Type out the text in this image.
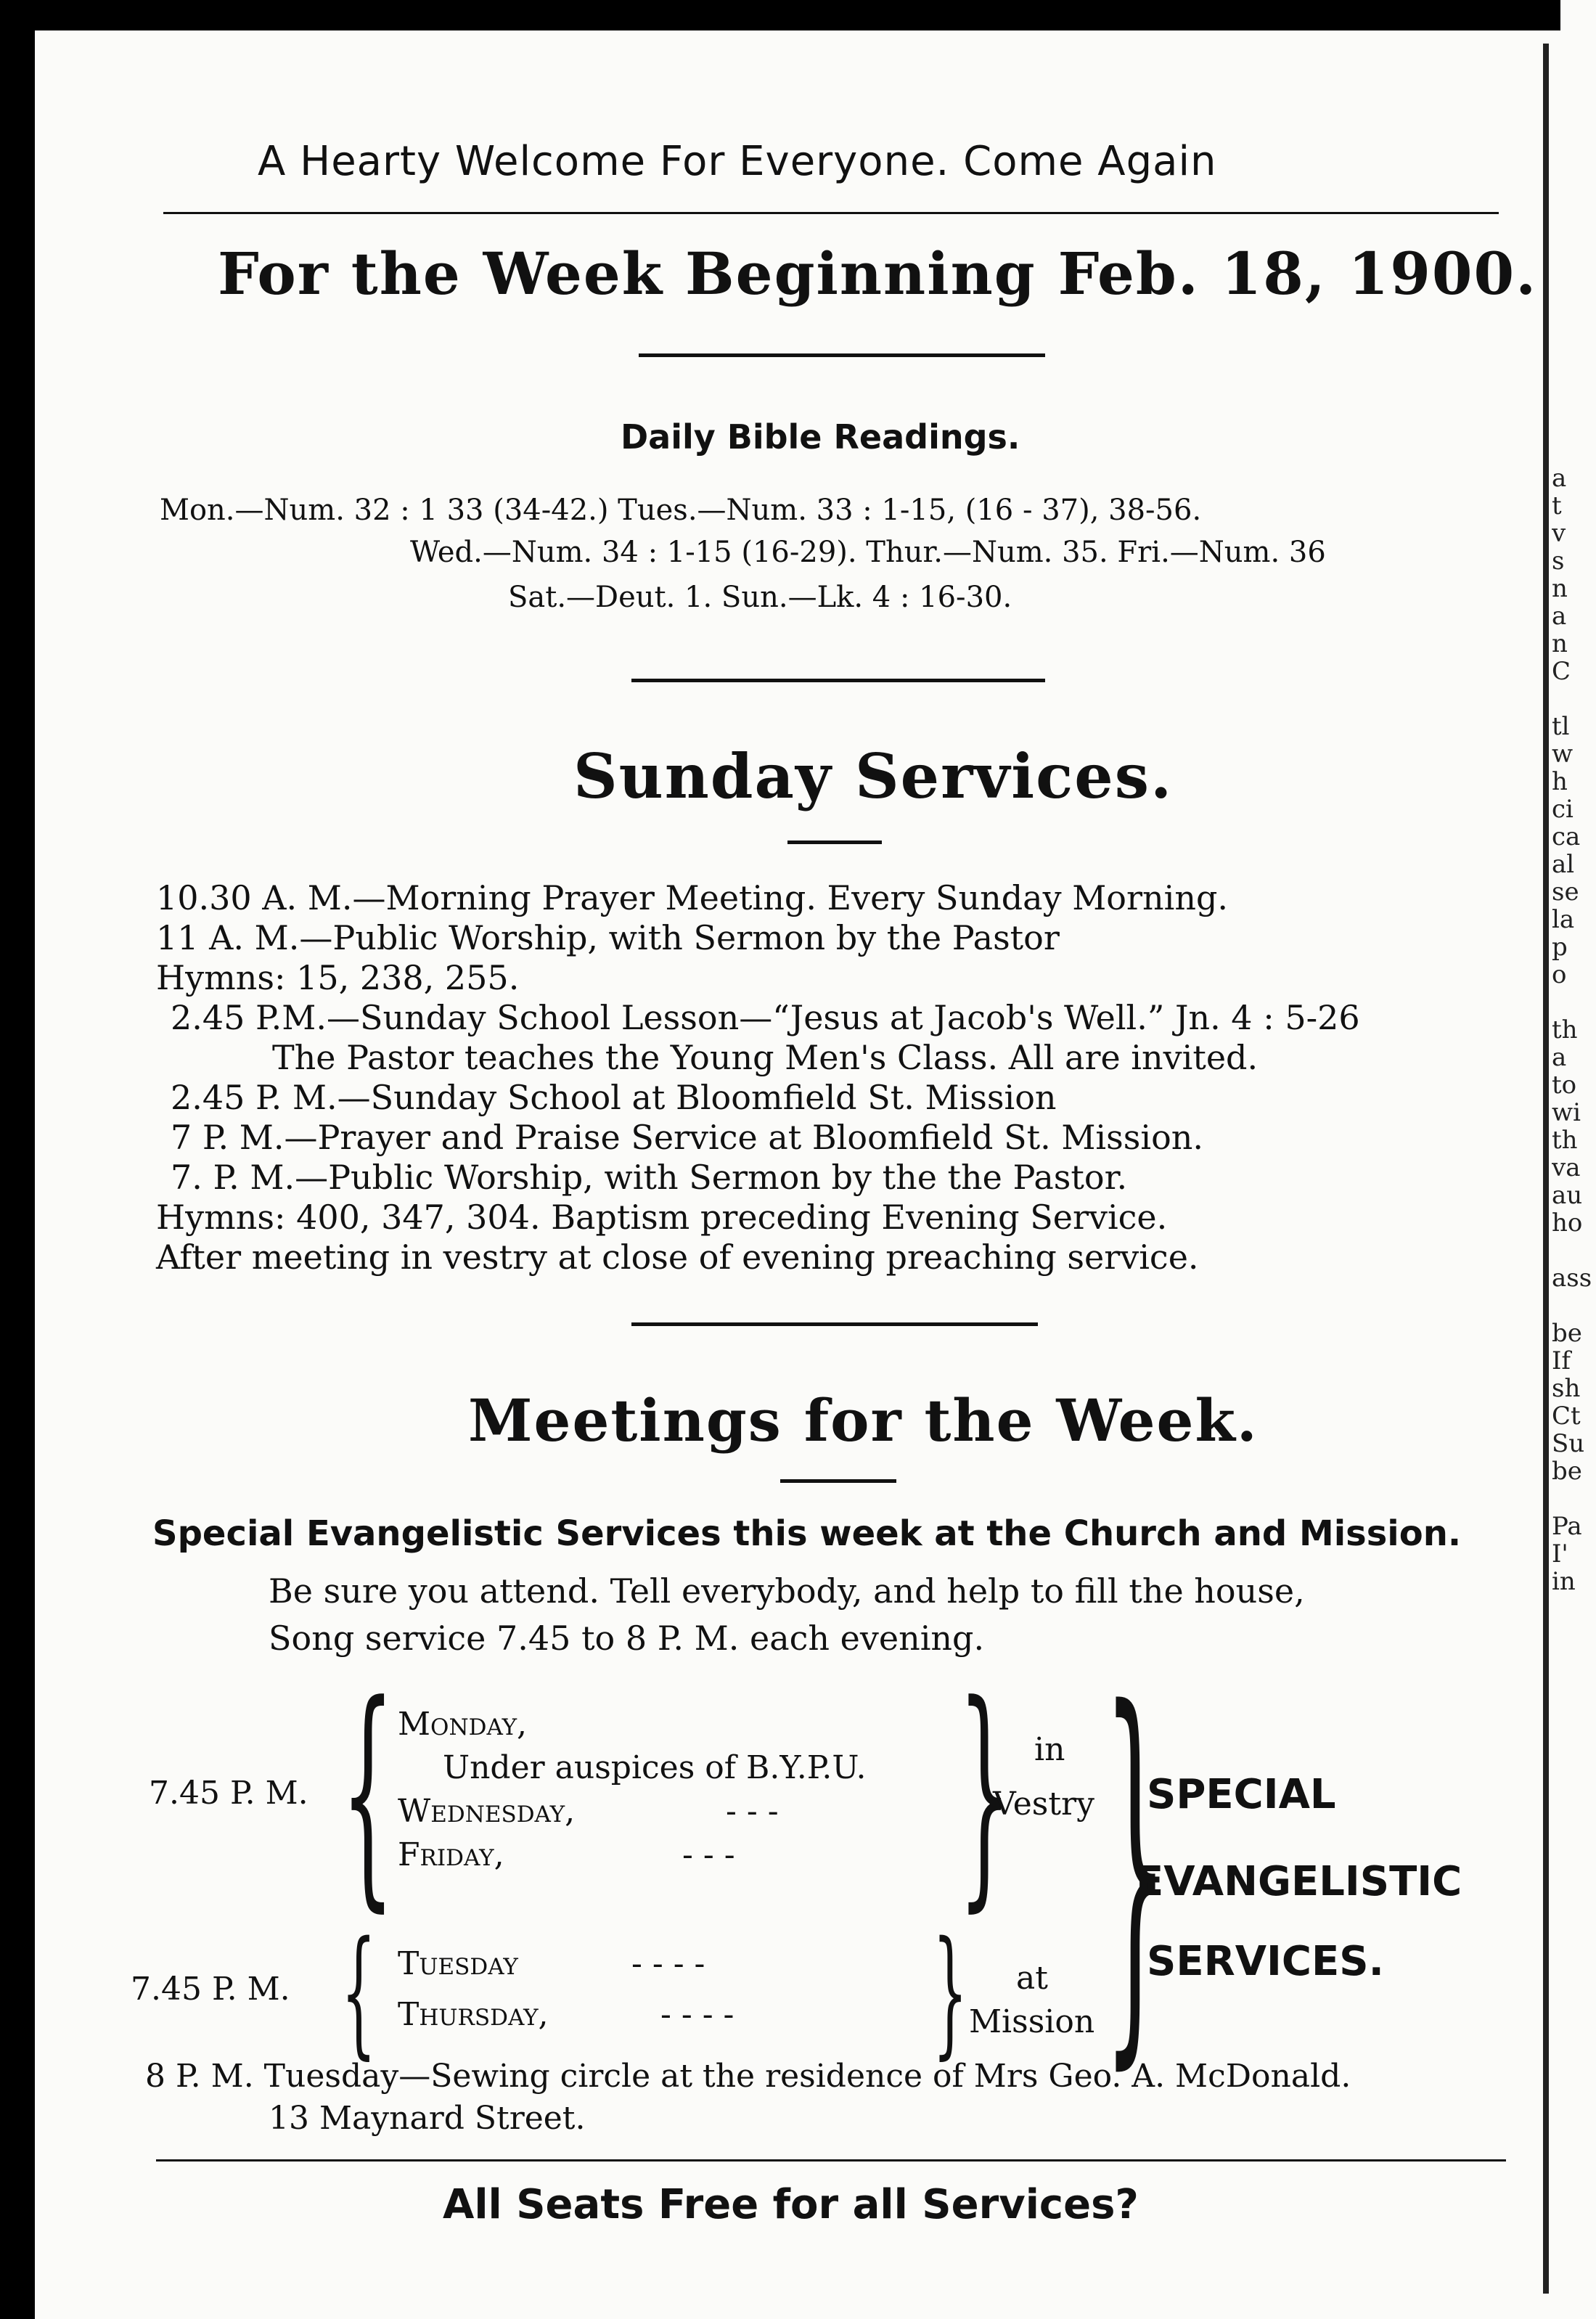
A Hearty Welcome For Everyone. Come Again
For the Week Beginning Feb. 18, 1900.
Daily Bible Readings.
Mon.—Num. 32 : 1 33 (34-42.) Tues.—Num. 33 : 1-15, (16 - 37), 38-56.
Wed.—Num. 34 : 1-15 (16-29). Thur.—Num. 35. Fri.—Num. 36
Sat.—Deut. 1. Sun.—Lk. 4 : 16-30.
Sunday Services.
10.30 A. M.—Morning Prayer Meeting. Every Sunday Morning.
11 A. M.—Public Worship, with Sermon by the Pastor
Hymns: 15, 238, 255.
2.45 P.M.—Sunday School Lesson—“Jesus at Jacob's Well.” Jn. 4 : 5-26
The Pastor teaches the Young Men's Class. All are invited.
2.45 P. M.—Sunday School at Bloomfield St. Mission
7 P. M.—Prayer and Praise Service at Bloomfield St. Mission.
7. P. M.—Public Worship, with Sermon by the the Pastor.
Hymns: 400, 347, 304. Baptism preceding Evening Service.
After meeting in vestry at close of evening preaching service.
Meetings for the Week.
Special Evangelistic Services this week at the Church and Mission.
Be sure you attend. Tell everybody, and help to fill the house,
Song service 7.45 to 8 P. M. each evening.
7.45 P. M. { Monday,
Under auspices of B.Y.P.U.
Wednesday,	- - -
Friday,	- - - } in
Vestry
7.45 P. M. { Tuesday	- - - -
Thursday,	- - - - } at
Mission }
SPECIAL
EVANGELISTIC
SERVICES.
8 P. M. Tuesday—Sewing circle at the residence of Mrs Geo. A. McDonald.
13 Maynard Street.
All Seats Free for all Services?
a
t
v
s
n
a
n
C
tl
w
h
ci
ca
al
se
la
p
o
th
a
to
wi
th
va
au
ho
ass
be
If
sh
Ct
Su
be
Pa
I'
in
